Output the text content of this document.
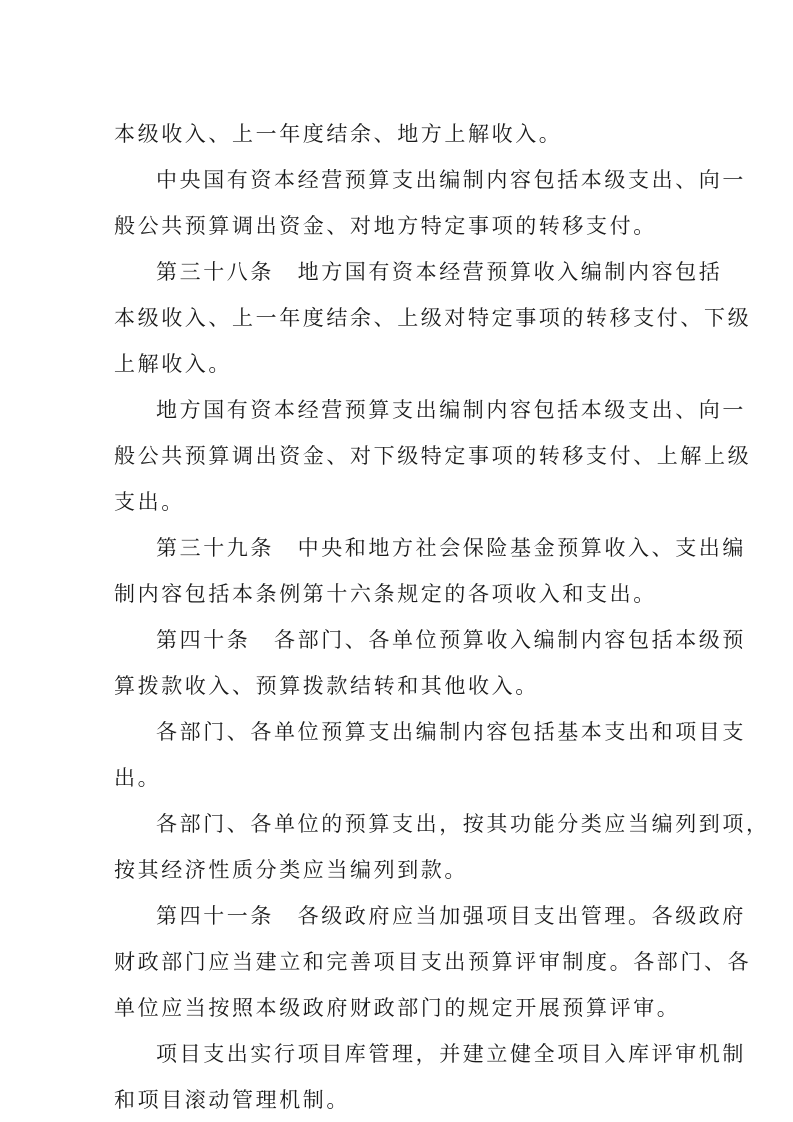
本级收入、上一年度结余、地方上解收入。
中央国有资本经营预算支出编制内容包括本级支出、向一
般公共预算调出资金、对地方特定事项的转移支付。
第三十八条　地方国有资本经营预算收入编制内容包括
本级收入、上一年度结余、上级对特定事项的转移支付、下级
上解收入。
地方国有资本经营预算支出编制内容包括本级支出、向一
般公共预算调出资金、对下级特定事项的转移支付、上解上级
支出。
第三十九条　中央和地方社会保险基金预算收入、支出编
制内容包括本条例第十六条规定的各项收入和支出。
第四十条　各部门、各单位预算收入编制内容包括本级预
算拨款收入、预算拨款结转和其他收入。
各部门、各单位预算支出编制内容包括基本支出和项目支
出。
各部门、各单位的预算支出，按其功能分类应当编列到项，
按其经济性质分类应当编列到款。
第四十一条　各级政府应当加强项目支出管理。各级政府
财政部门应当建立和完善项目支出预算评审制度。各部门、各
单位应当按照本级政府财政部门的规定开展预算评审。
项目支出实行项目库管理，并建立健全项目入库评审机制
和项目滚动管理机制。
